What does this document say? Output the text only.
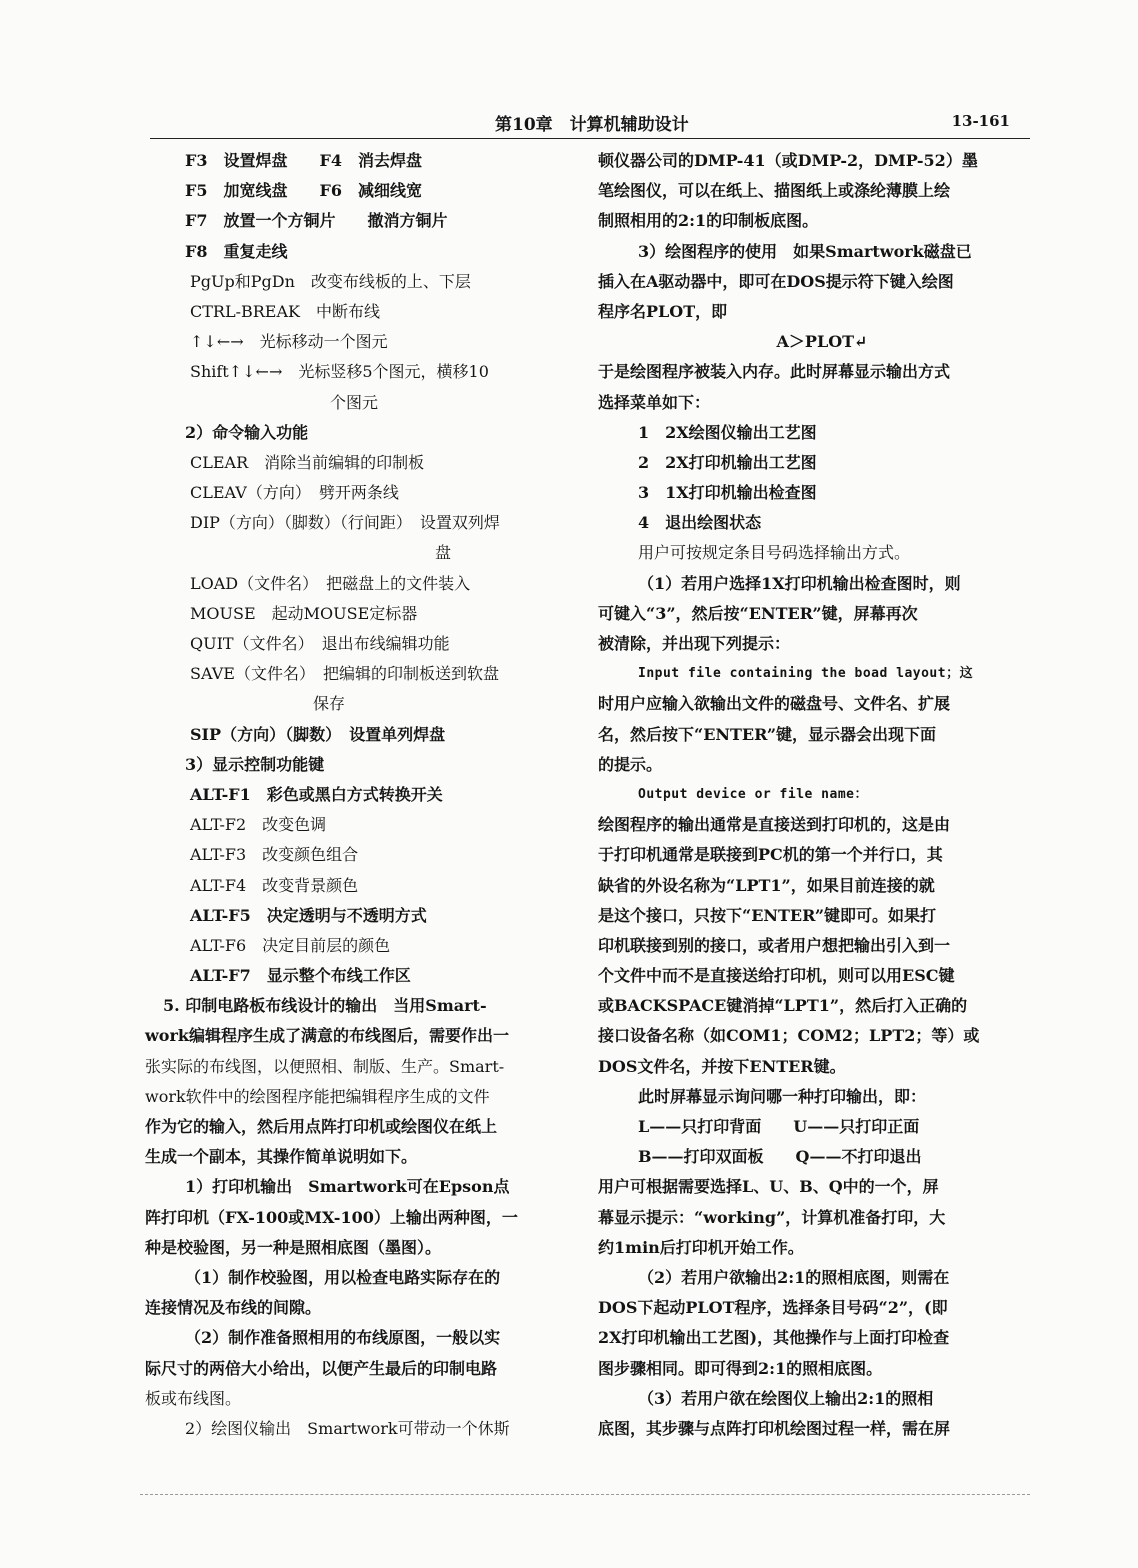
第10章　计算机辅助设计	13-161
F3　设置焊盘　　F4　消去焊盘
F5　加宽线盘　　F6　减细线宽
F7　放置一个方铜片　　撤消方铜片
F8　重复走线
PgUp和PgDn　改变布线板的上、下层
CTRL-BREAK　中断布线
↑↓←→　光标移动一个图元
Shift↑↓←→　光标竖移5个图元，横移10
个图元
2）命令输入功能
CLEAR　消除当前编辑的印制板
CLEAV（方向）　劈开两条线
DIP（方向）（脚数）（行间距）　设置双列焊
盘
LOAD（文件名）　把磁盘上的文件装入
MOUSE　起动MOUSE定标器
QUIT（文件名）　退出布线编辑功能
SAVE（文件名）　把编辑的印制板送到软盘
保存
SIP（方向）（脚数）　设置单列焊盘
3）显示控制功能键
ALT-F1　彩色或黑白方式转换开关
ALT-F2　改变色调
ALT-F3　改变颜色组合
ALT-F4　改变背景颜色
ALT-F5　决定透明与不透明方式
ALT-F6　决定目前层的颜色
ALT-F7　显示整个布线工作区
5. 印制电路板布线设计的输出　当用Smart-
work编辑程序生成了满意的布线图后，需要作出一
张实际的布线图，以便照相、制版、生产。Smart-
work软件中的绘图程序能把编辑程序生成的文件
作为它的输入，然后用点阵打印机或绘图仪在纸上
生成一个副本，其操作简单说明如下。
1）打印机输出　Smartwork可在Epson点
阵打印机（FX-100或MX-100）上输出两种图，一
种是校验图，另一种是照相底图（墨图）。
（1）制作校验图，用以检查电路实际存在的
连接情况及布线的间隙。
（2）制作准备照相用的布线原图，一般以实
际尺寸的两倍大小给出，以便产生最后的印制电路
板或布线图。
2）绘图仪输出　Smartwork可带动一个休斯
顿仪器公司的DMP-41（或DMP-2，DMP-52）墨
笔绘图仪，可以在纸上、描图纸上或涤纶薄膜上绘
制照相用的2:1的印制板底图。
3）绘图程序的使用　如果Smartwork磁盘已
插入在A驱动器中，即可在DOS提示符下键入绘图
程序名PLOT，即
A＞PLOT↵
于是绘图程序被装入内存。此时屏幕显示输出方式
选择菜单如下：
1　2X绘图仪输出工艺图
2　2X打印机输出工艺图
3　1X打印机输出检查图
4　退出绘图状态
用户可按规定条目号码选择输出方式。
（1）若用户选择1X打印机输出检查图时，则
可键入“3”，然后按“ENTER”键，屏幕再次
被清除，并出现下列提示：
Input file containing the boad layout；这
时用户应输入欲输出文件的磁盘号、文件名、扩展
名，然后按下“ENTER”键，显示器会出现下面
的提示。
Output device or file name：
绘图程序的输出通常是直接送到打印机的，这是由
于打印机通常是联接到PC机的第一个并行口，其
缺省的外设名称为“LPT1”，如果目前连接的就
是这个接口，只按下“ENTER”键即可。如果打
印机联接到别的接口，或者用户想把输出引入到一
个文件中而不是直接送给打印机，则可以用ESC键
或BACKSPACE键消掉“LPT1”，然后打入正确的
接口设备名称（如COM1；COM2；LPT2；等）或
DOS文件名，并按下ENTER键。
此时屏幕显示询问哪一种打印输出，即：
L——只打印背面　　U——只打印正面
B——打印双面板　　Q——不打印退出
用户可根据需要选择L、U、B、Q中的一个，屏
幕显示提示：“working”，计算机准备打印，大
约1min后打印机开始工作。
（2）若用户欲输出2:1的照相底图，则需在
DOS下起动PLOT程序，选择条目号码“2”，(即
2X打印机输出工艺图)，其他操作与上面打印检查
图步骤相同。即可得到2:1的照相底图。
（3）若用户欲在绘图仪上输出2:1的照相
底图，其步骤与点阵打印机绘图过程一样，需在屏
